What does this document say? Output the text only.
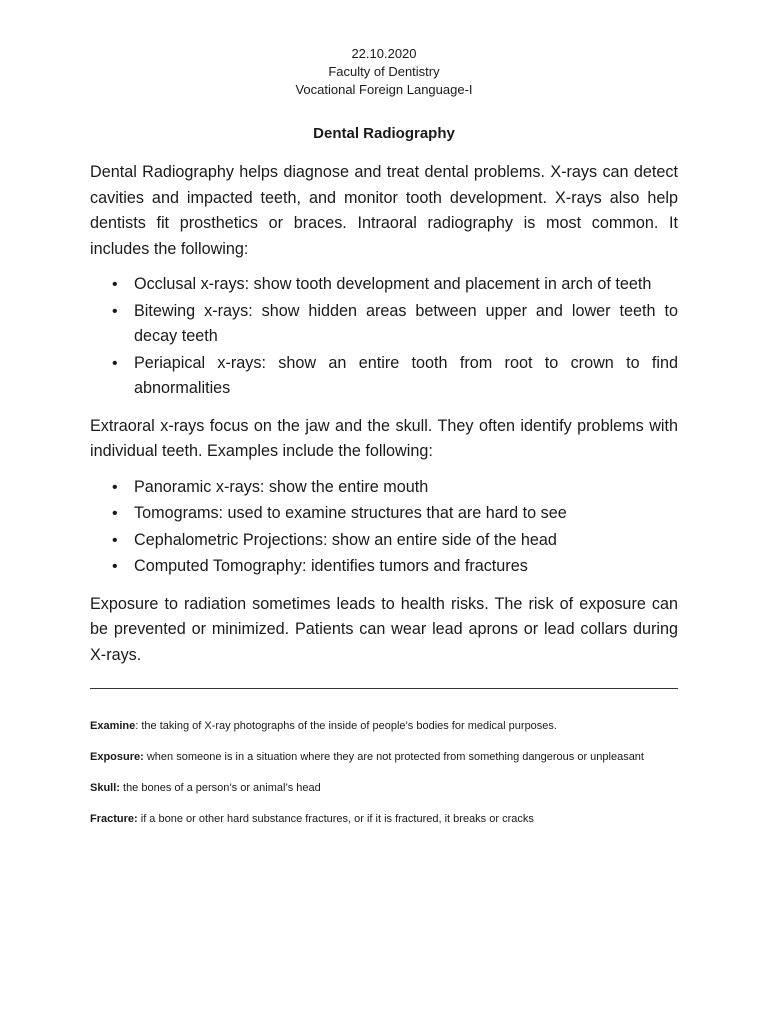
22.10.2020
Faculty of Dentistry
Vocational Foreign Language-I
Dental Radiography

Dental Radiography helps diagnose and treat dental problems. X-rays can detect cavities and impacted teeth, and monitor tooth development. X-rays also help dentists fit prosthetics or braces. Intraoral radiography is most common. It includes the following:

• Occlusal x-rays: show tooth development and placement in arch of teeth
• Bitewing x-rays: show hidden areas between upper and lower teeth to decay teeth
• Periapical x-rays: show an entire tooth from root to crown to find abnormalities

Extraoral x-rays focus on the jaw and the skull. They often identify problems with individual teeth. Examples include the following:

• Panoramic x-rays: show the entire mouth
• Tomograms: used to examine structures that are hard to see
• Cephalometric Projections: show an entire side of the head
• Computed Tomography: identifies tumors and fractures

Exposure to radiation sometimes leads to health risks. The risk of exposure can be prevented or minimized. Patients can wear lead aprons or lead collars during X-rays.

Examine: the taking of X-ray photographs of the inside of people’s bodies for medical purposes.

Exposure: when someone is in a situation where they are not protected from something dangerous or unpleasant

Skull: the bones of a person’s or animal’s head

Fracture: if a bone or other hard substance fractures, or if it is fractured, it breaks or cracks
